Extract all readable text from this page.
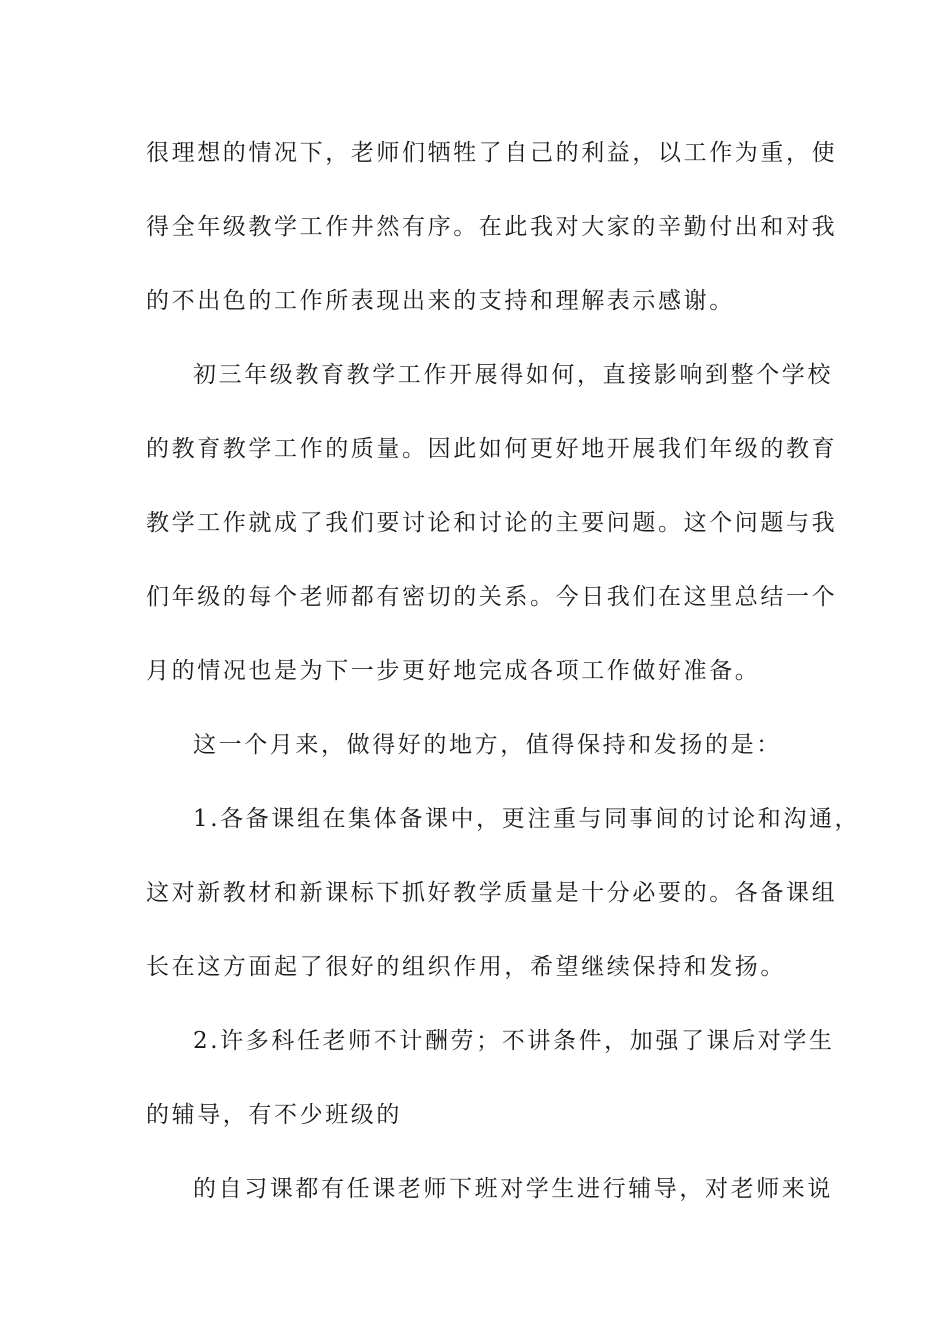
很理想的情况下，老师们牺牲了自己的利益，以工作为重，使
得全年级教学工作井然有序。在此我对大家的辛勤付出和对我
的不出色的工作所表现出来的支持和理解表示感谢。
初三年级教育教学工作开展得如何，直接影响到整个学校
的教育教学工作的质量。因此如何更好地开展我们年级的教育
教学工作就成了我们要讨论和讨论的主要问题。这个问题与我
们年级的每个老师都有密切的关系。今日我们在这里总结一个
月的情况也是为下一步更好地完成各项工作做好准备。
这一个月来，做得好的地方，值得保持和发扬的是：
1.各备课组在集体备课中，更注重与同事间的讨论和沟通，
这对新教材和新课标下抓好教学质量是十分必要的。各备课组
长在这方面起了很好的组织作用，希望继续保持和发扬。
2.许多科任老师不计酬劳；不讲条件，加强了课后对学生
的辅导，有不少班级的
的自习课都有任课老师下班对学生进行辅导，对老师来说
